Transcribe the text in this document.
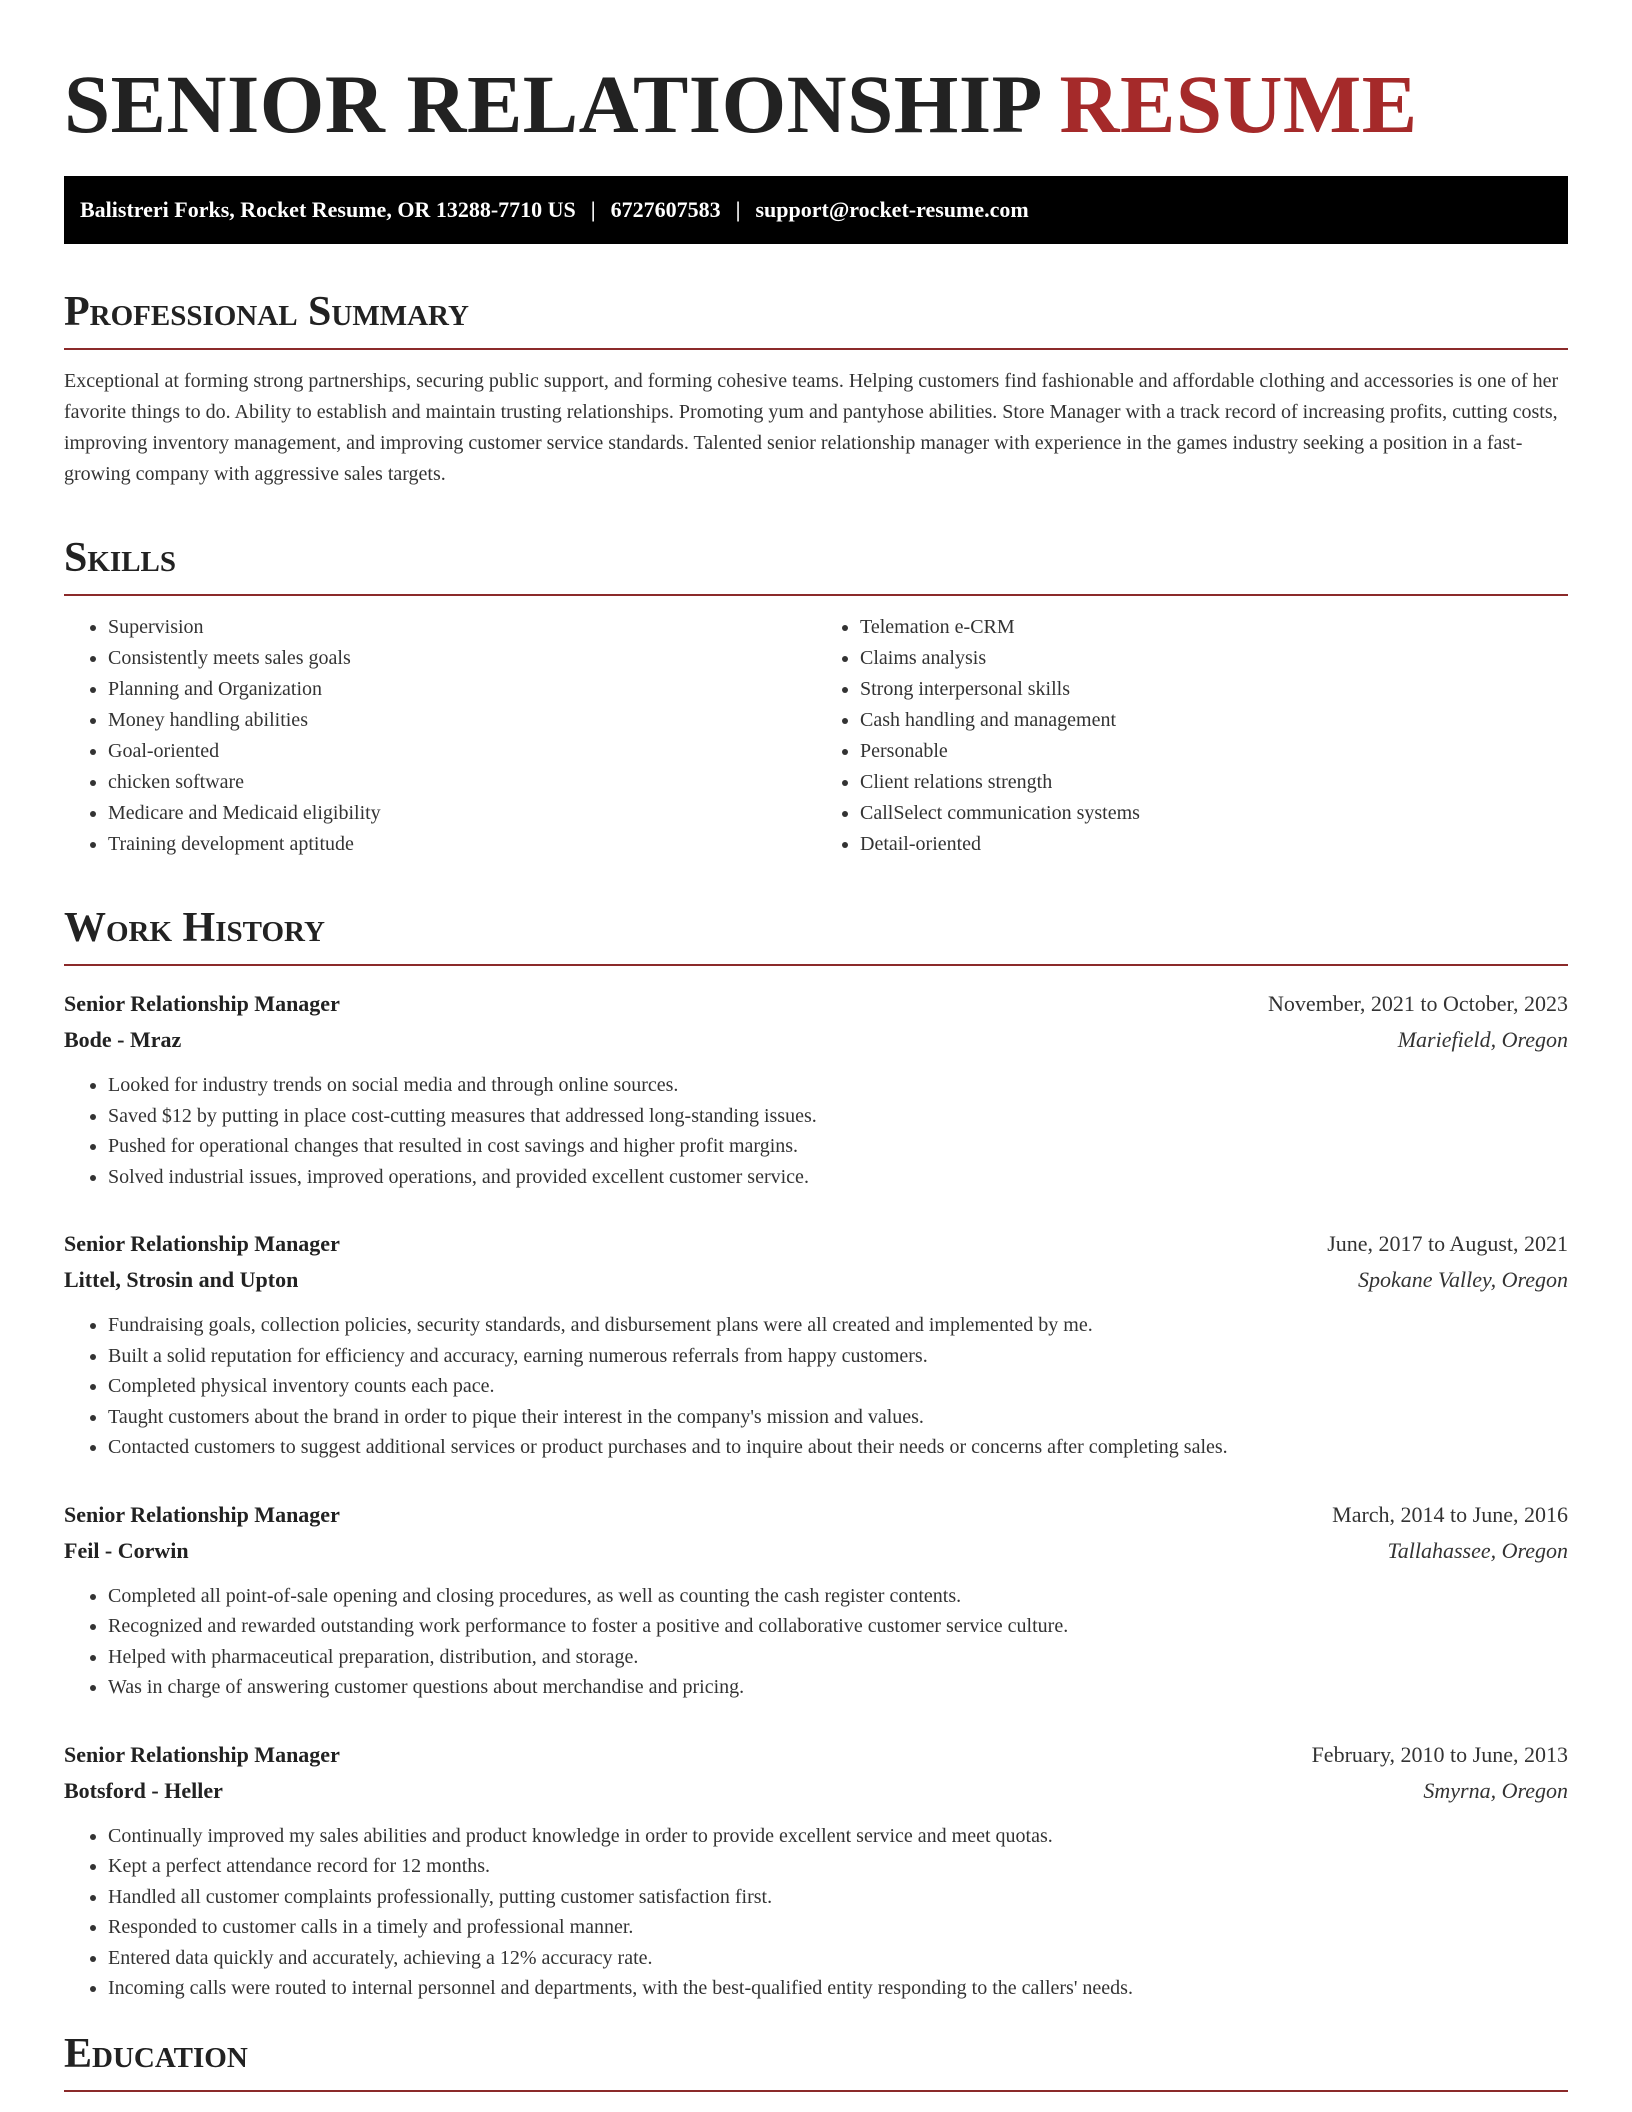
SENIOR RELATIONSHIP RESUME
Balistreri Forks, Rocket Resume, OR 13288-7710 US | 6727607583 | support@rocket-resume.com
Professional Summary

Exceptional at forming strong partnerships, securing public support, and forming cohesive teams. Helping customers find fashionable and affordable clothing and accessories is one of her favorite things to do. Ability to establish and maintain trusting relationships. Promoting yum and pantyhose abilities. Store Manager with a track record of increasing profits, cutting costs, improving inventory management, and improving customer service standards. Talented senior relationship manager with experience in the games industry seeking a position in a fast-growing company with aggressive sales targets.

Skills
• Supervision
• Consistently meets sales goals
• Planning and Organization
• Money handling abilities
• Goal-oriented
• chicken software
• Medicare and Medicaid eligibility
• Training development aptitude
• Telemation e-CRM
• Claims analysis
• Strong interpersonal skills
• Cash handling and management
• Personable
• Client relations strength
• CallSelect communication systems
• Detail-oriented
Work History
Senior Relationship Manager	November, 2021 to October, 2023
Bode - Mraz	Mariefield, Oregon
• Looked for industry trends on social media and through online sources.
• Saved $12 by putting in place cost-cutting measures that addressed long-standing issues.
• Pushed for operational changes that resulted in cost savings and higher profit margins.
• Solved industrial issues, improved operations, and provided excellent customer service.
Senior Relationship Manager	June, 2017 to August, 2021
Littel, Strosin and Upton	Spokane Valley, Oregon
• Fundraising goals, collection policies, security standards, and disbursement plans were all created and implemented by me.
• Built a solid reputation for efficiency and accuracy, earning numerous referrals from happy customers.
• Completed physical inventory counts each pace.
• Taught customers about the brand in order to pique their interest in the company's mission and values.
• Contacted customers to suggest additional services or product purchases and to inquire about their needs or concerns after completing sales.
Senior Relationship Manager	March, 2014 to June, 2016
Feil - Corwin	Tallahassee, Oregon
• Completed all point-of-sale opening and closing procedures, as well as counting the cash register contents.
• Recognized and rewarded outstanding work performance to foster a positive and collaborative customer service culture.
• Helped with pharmaceutical preparation, distribution, and storage.
• Was in charge of answering customer questions about merchandise and pricing.
Senior Relationship Manager	February, 2010 to June, 2013
Botsford - Heller	Smyrna, Oregon
• Continually improved my sales abilities and product knowledge in order to provide excellent service and meet quotas.
• Kept a perfect attendance record for 12 months.
• Handled all customer complaints professionally, putting customer satisfaction first.
• Responded to customer calls in a timely and professional manner.
• Entered data quickly and accurately, achieving a 12% accuracy rate.
• Incoming calls were routed to internal personnel and departments, with the best-qualified entity responding to the callers' needs.
Education
